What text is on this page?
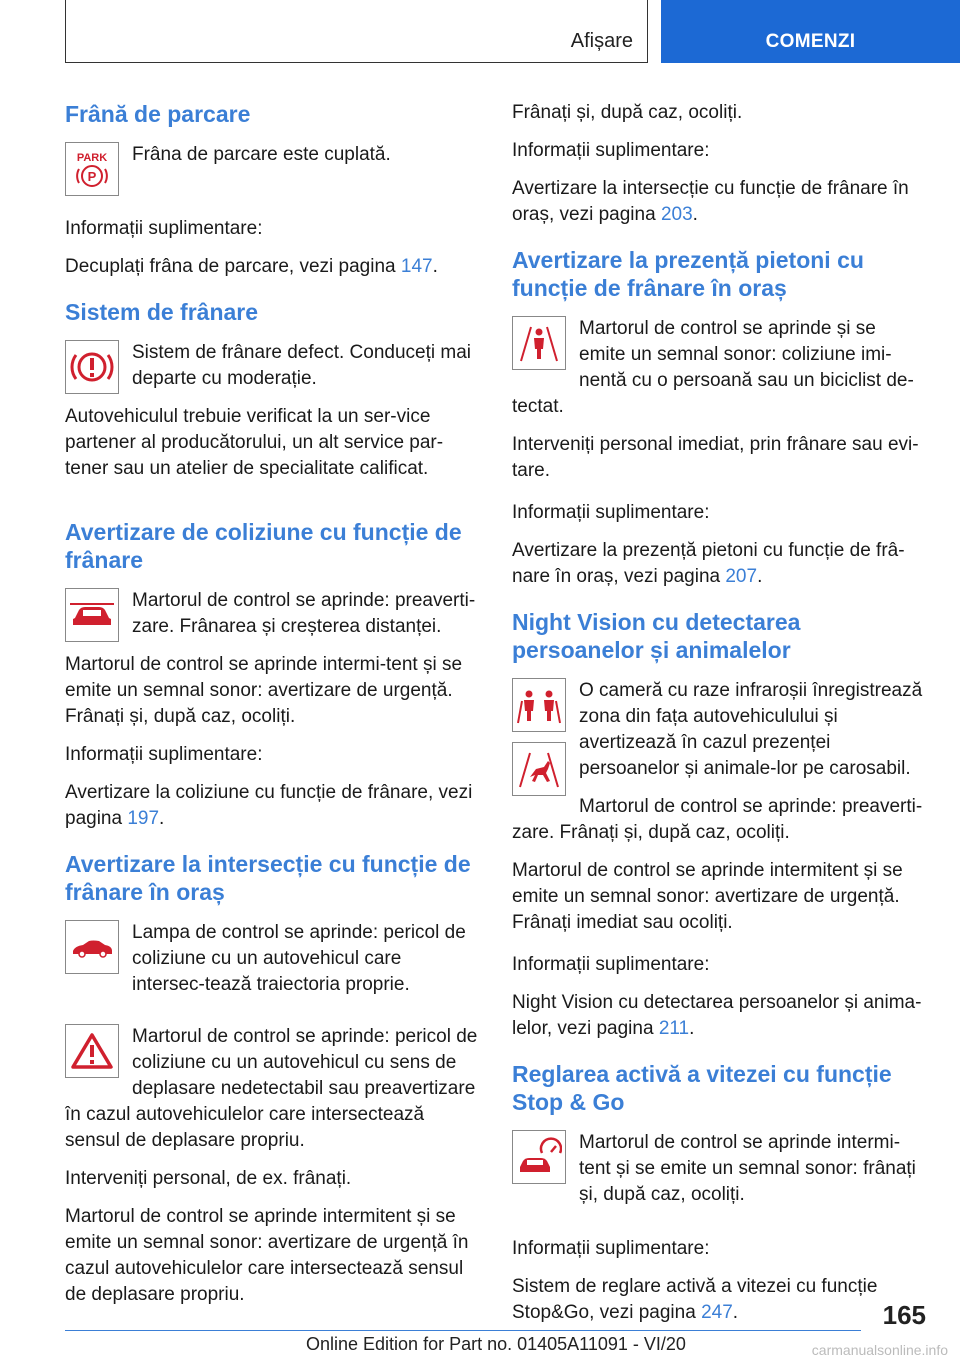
Afișare	COMENZI
Frână de parcare
PARK
P

Frâna de parcare este cuplată.

Informații suplimentare:

Decuplați frâna de parcare, vezi pagina 147.

Sistem de frânare

Sistem de frânare defect. Conduceți mai departe cu moderație.

Autovehiculul trebuie verificat la un ser-vice partener al producătorului, un alt service par-tener sau un atelier de specialitate calificat.

Avertizare de coliziune cu funcție de frânare

Martorul de control se aprinde: preaverti-zare. Frânarea și creșterea distanței.

Martorul de control se aprinde intermi-tent și se emite un semnal sonor: avertizare de urgență. Frânați și, după caz, ocoliți.

Informații suplimentare:

Avertizare la coliziune cu funcție de frânare, vezi pagina 197.

Avertizare la intersecție cu funcție de frânare în oraș

Lampa de control se aprinde: pericol de coliziune cu un autovehicul care intersec-tează traiectoria proprie.

Martorul de control se aprinde: pericol de coliziune cu un autovehicul cu sens de deplasare nedetectabil sau preavertizare în cazul autovehiculelor care intersectează sensul de deplasare propriu.

Interveniți personal, de ex. frânați.

Martorul de control se aprinde intermitent și se emite un semnal sonor: avertizare de urgență în cazul autovehiculelor care intersectează sensul de deplasare propriu.

Frânați și, după caz, ocoliți.

Informații suplimentare:

Avertizare la intersecție cu funcție de frânare în oraș, vezi pagina 203.

Avertizare la prezență pietoni cu funcție de frânare în oraș

Martorul de control se aprinde și se emite un semnal sonor: coliziune imi-nentă cu o persoană sau un biciclist de-tectat.

Interveniți personal imediat, prin frânare sau evi-tare.

Informații suplimentare:

Avertizare la prezență pietoni cu funcție de frâ-nare în oraș, vezi pagina 207.

Night Vision cu detectarea persoanelor și animalelor

O cameră cu raze infraroșii înregistrează zona din fața autovehiculului și avertizează în cazul prezenței persoanelor și animale-lor pe carosabil.

Martorul de control se aprinde: preaverti-zare. Frânați și, după caz, ocoliți.

Martorul de control se aprinde intermitent și se emite un semnal sonor: avertizare de urgență. Frânați imediat sau ocoliți.

Informații suplimentare:

Night Vision cu detectarea persoanelor și anima-lelor, vezi pagina 211.

Reglarea activă a vitezei cu funcție Stop & Go

Martorul de control se aprinde intermi-tent și se emite un semnal sonor: frânați și, după caz, ocoliți.

Informații suplimentare:

Sistem de reglare activă a vitezei cu funcție Stop&Go, vezi pagina 247.	165
Online Edition for Part no. 01405A11091 - VI/20	carmanualsonline.info
